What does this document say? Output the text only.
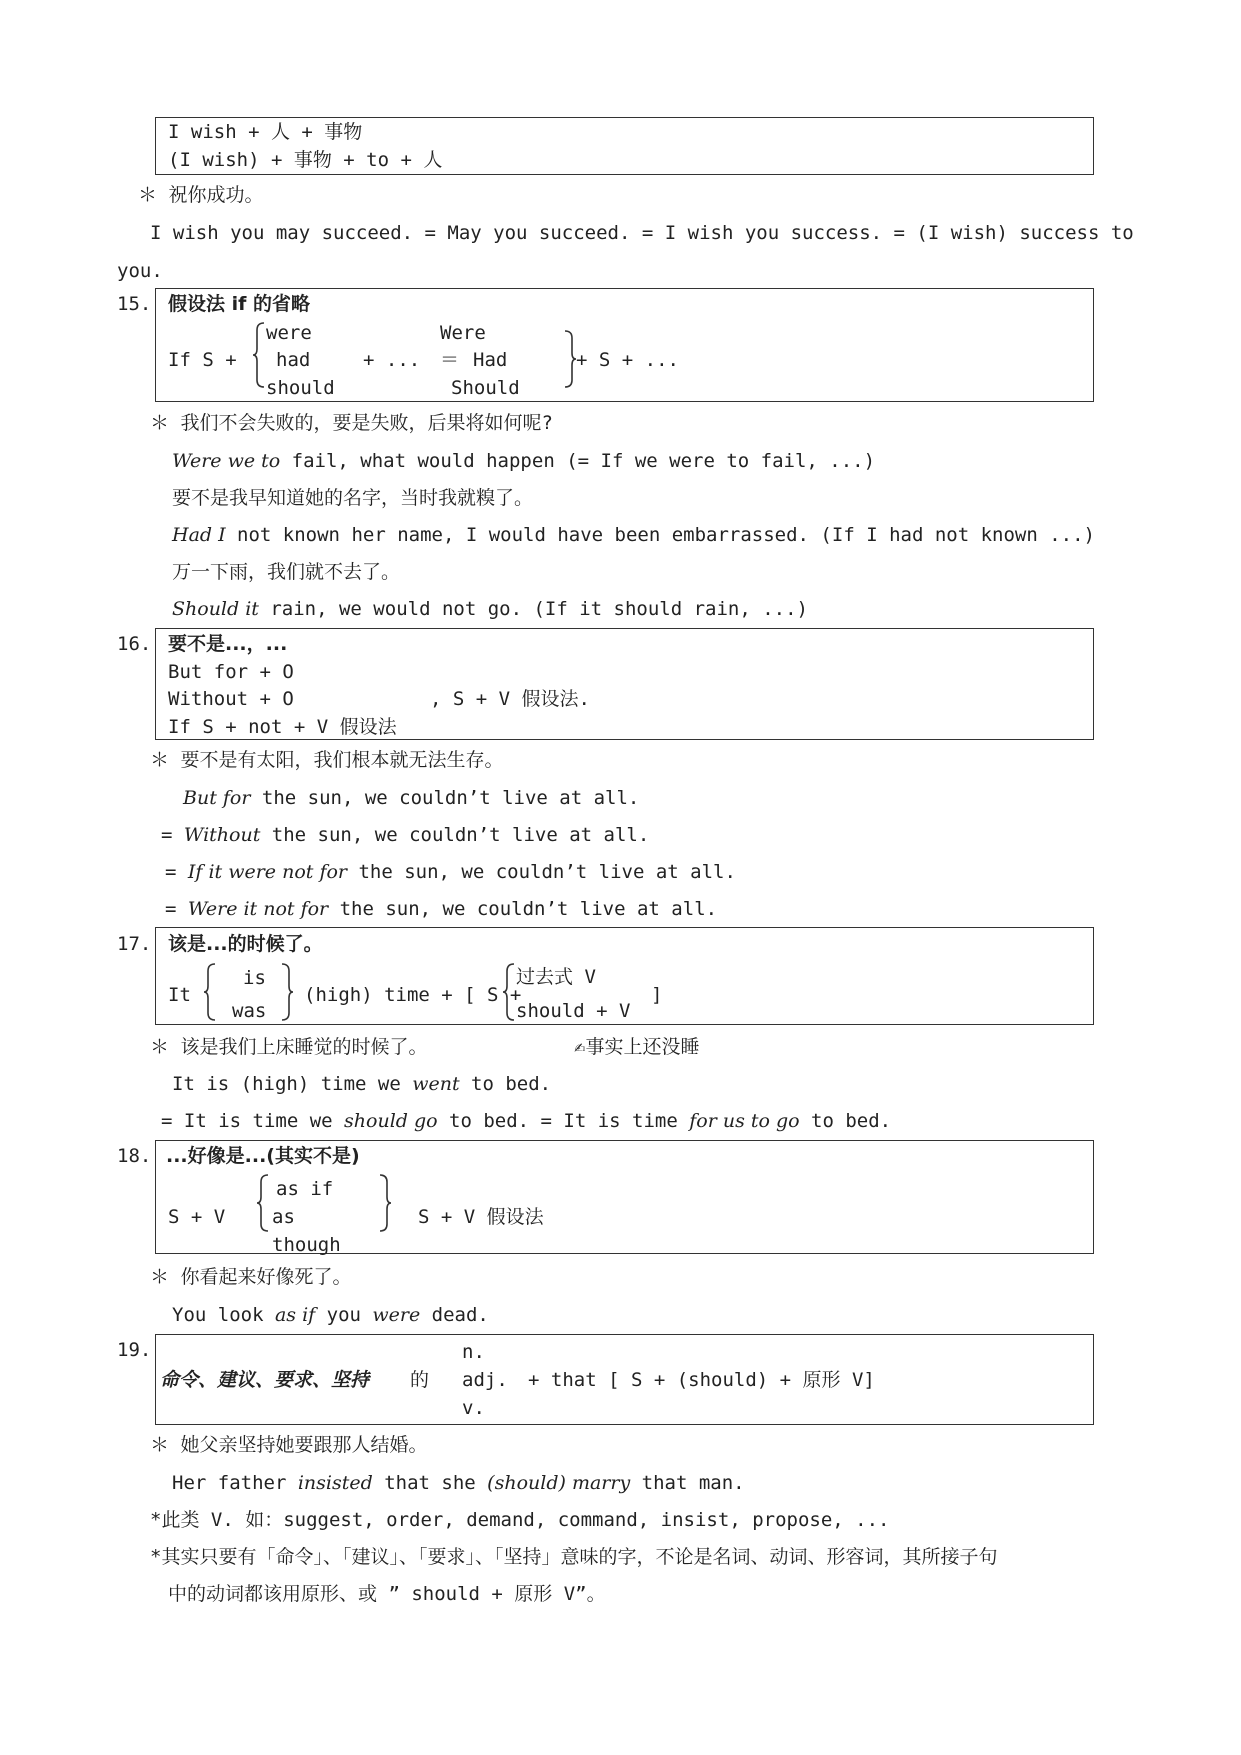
I wish + 人 + 事物
(I wish) + 事物 + to + 人
＊ 祝你成功。
I wish you may succeed. = May you succeed. = I wish you success. = (I wish) success to
you.
15. 假设法 if 的省略
If S +
were
had
should
+ ... ＝
Were
Had
Should
+ S + ...
＊ 我们不会失败的，要是失败，后果将如何呢?
Were we to fail, what would happen (= If we were to fail, ...)
要不是我早知道她的名字，当时我就糗了。
Had I not known her name, I would have been embarrassed. (If I had not known ...)
万一下雨，我们就不去了。
Should it rain, we would not go. (If it should rain, ...)
16. 要不是...，...
But for + O
Without + O	, S + V 假设法.
If S + not + V 假设法
＊ 要不是有太阳，我们根本就无法生存。
But for the sun, we couldn’t live at all.
= Without the sun, we couldn’t live at all.
= If it were not for the sun, we couldn’t live at all.
= Were it not for the sun, we couldn’t live at all.
17. 该是...的时候了。
It
is
was
(high) time + [ S +
过去式 V
should + V
]
＊ 该是我们上床睡觉的时候了。	✍事实上还没睡
It is (high) time we went to bed.
= It is time we should go to bed. = It is time for us to go to bed.
18. ...好像是...(其实不是)
S + V
as if
as
though
S + V 假设法
＊ 你看起来好像死了。
You look as if you were dead.
19.
命令、建议、要求、坚持 的
n.
adj.
v.
+ that [ S + (should) + 原形 V]
＊ 她父亲坚持她要跟那人结婚。
Her father insisted that she (should) marry that man.
*此类 V. 如：suggest, order, demand, command, insist, propose, ...
*其实只要有「命令」、「建议」、「要求」、「坚持」意味的字，不论是名词、动词、形容词，其所接子句
中的动词都该用原形、或 ” should + 原形 V”。
